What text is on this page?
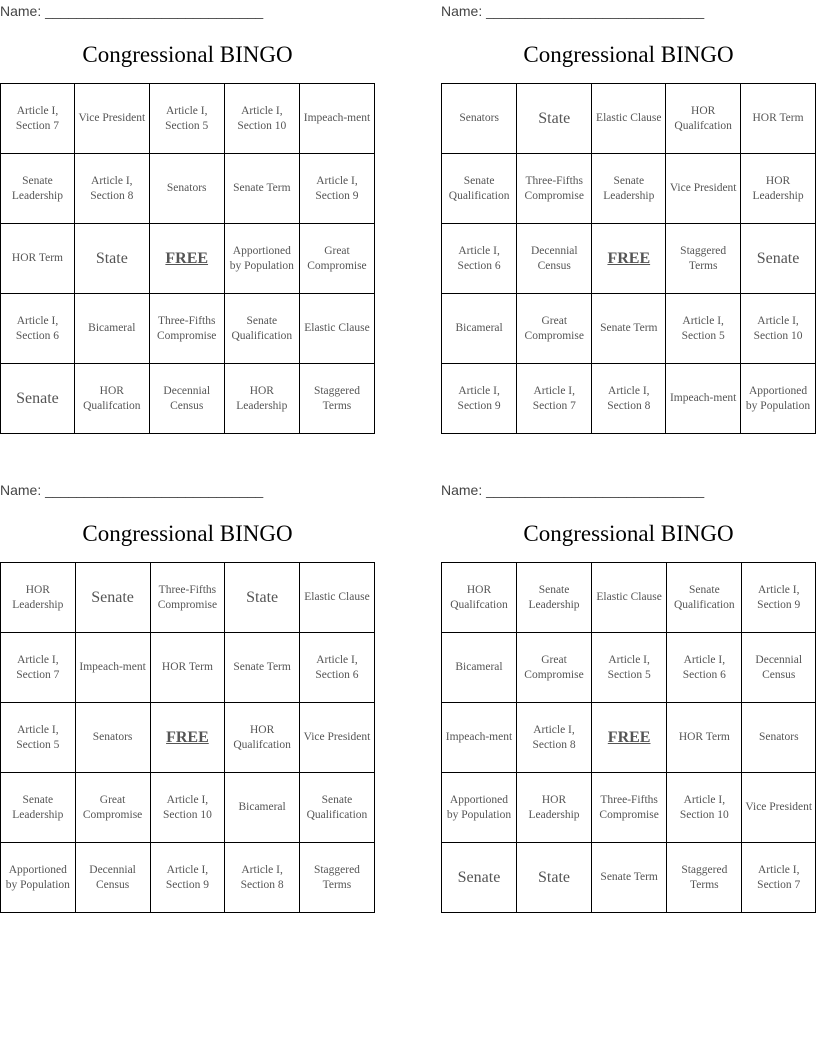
Name: ____________________________
Congressional BINGO
Article I, Section 7	Vice President	Article I, Section 5	Article I, Section 10	Impeach-ment
Senate Leadership	Article I, Section 8	Senators	Senate Term	Article I, Section 9
HOR Term	State	FREE	Apportioned by Population	Great Compromise
Article I, Section 6	Bicameral	Three-Fifths Compromise	Senate Qualification	Elastic Clause
Senate	HOR Qualifcation	Decennial Census	HOR Leadership	Staggered Terms
Name: ____________________________
Congressional BINGO
Senators	State	Elastic Clause	HOR Qualifcation	HOR Term
Senate Qualification	Three-Fifths Compromise	Senate Leadership	Vice President	HOR Leadership
Article I, Section 6	Decennial Census	FREE	Staggered Terms	Senate
Bicameral	Great Compromise	Senate Term	Article I, Section 5	Article I, Section 10
Article I, Section 9	Article I, Section 7	Article I, Section 8	Impeach-ment	Apportioned by Population
Name: ____________________________
Congressional BINGO
HOR Leadership	Senate	Three-Fifths Compromise	State	Elastic Clause
Article I, Section 7	Impeach-ment	HOR Term	Senate Term	Article I, Section 6
Article I, Section 5	Senators	FREE	HOR Qualifcation	Vice President
Senate Leadership	Great Compromise	Article I, Section 10	Bicameral	Senate Qualification
Apportioned by Population	Decennial Census	Article I, Section 9	Article I, Section 8	Staggered Terms
Name: ____________________________
Congressional BINGO
HOR Qualifcation	Senate Leadership	Elastic Clause	Senate Qualification	Article I, Section 9
Bicameral	Great Compromise	Article I, Section 5	Article I, Section 6	Decennial Census
Impeach-ment	Article I, Section 8	FREE	HOR Term	Senators
Apportioned by Population	HOR Leadership	Three-Fifths Compromise	Article I, Section 10	Vice President
Senate	State	Senate Term	Staggered Terms	Article I, Section 7
